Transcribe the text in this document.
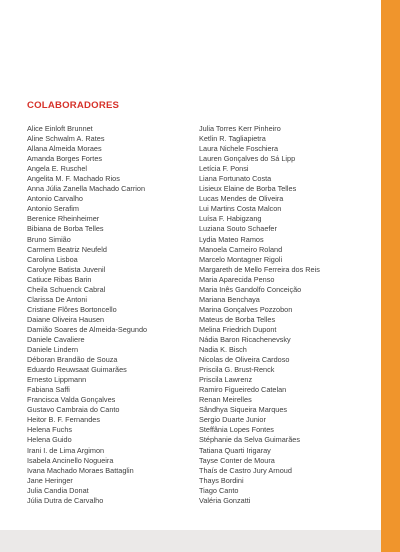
COLABORADORES
Alice Einloft Brunnet
Aline Schwalm A. Rates
Allana Almeida Moraes
Amanda Borges Fortes
Angela E. Ruschel
Angelita M. F. Machado Rios
Anna Júlia Zanella Machado Carrion
Antonio Carvalho
Antonio Serafim
Berenice Rheinheimer
Bibiana de Borba Telles
Bruno Simião
Carmem Beatriz Neufeld
Carolina Lisboa
Carolyne Batista Juvenil
Catiuce Ribas Barin
Cheila Schuenck Cabral
Clarissa De Antoni
Cristiane Flôres Bortoncello
Daiane Oliveira Hausen
Damião Soares de Almeida-Segundo
Daniele Cavaliere
Daniele Lindern
Déboran Brandão de Souza
Eduardo Reuwsaat Guimarães
Ernesto Lippmann
Fabiana Saffi
Francisca Valda Gonçalves
Gustavo Cambraia do Canto
Heitor B. F. Fernandes
Helena Fuchs
Helena Guido
Irani I. de Lima Argimon
Isabela Ancinello Nogueira
Ivana Machado Moraes Battaglin
Jane Heringer
Julia Candia Donat
Júlia Dutra de Carvalho
Julia Torres Kerr Pinheiro
Ketlin R. Tagliapietra
Laura Nichele Foschiera
Lauren Gonçalves do Sá Lipp
Letícia F. Ponsi
Liana Fortunato Costa
Lisieux Elaine de Borba Telles
Lucas Mendes de Oliveira
Lui Martins Costa Malcon
Luísa F. Habigzang
Luziana Souto Schaefer
Lydia Mateo Ramos
Manoela Carneiro Roland
Marcelo Montagner Rigoli
Margareth de Mello Ferreira dos Reis
Maria Aparecida Penso
Maria Inês Gandolfo Conceição
Mariana Benchaya
Marina Gonçalves Pozzobon
Mateus de Borba Telles
Melina Friedrich Dupont
Nádia Baron Ricachenevsky
Nadia K. Bisch
Nicolas de Oliveira Cardoso
Priscila G. Brust-Renck
Priscila Lawrenz
Ramiro Figueiredo Catelan
Renan Meirelles
Sândhya Siqueira Marques
Sergio Duarte Junior
Steffânia Lopes Fontes
Stéphanie da Selva Guimarães
Tatiana Quarti Irigaray
Tayse Conter de Moura
Thaís de Castro Jury Arnoud
Thays Bordini
Tiago Canto
Valéria Gonzatti
